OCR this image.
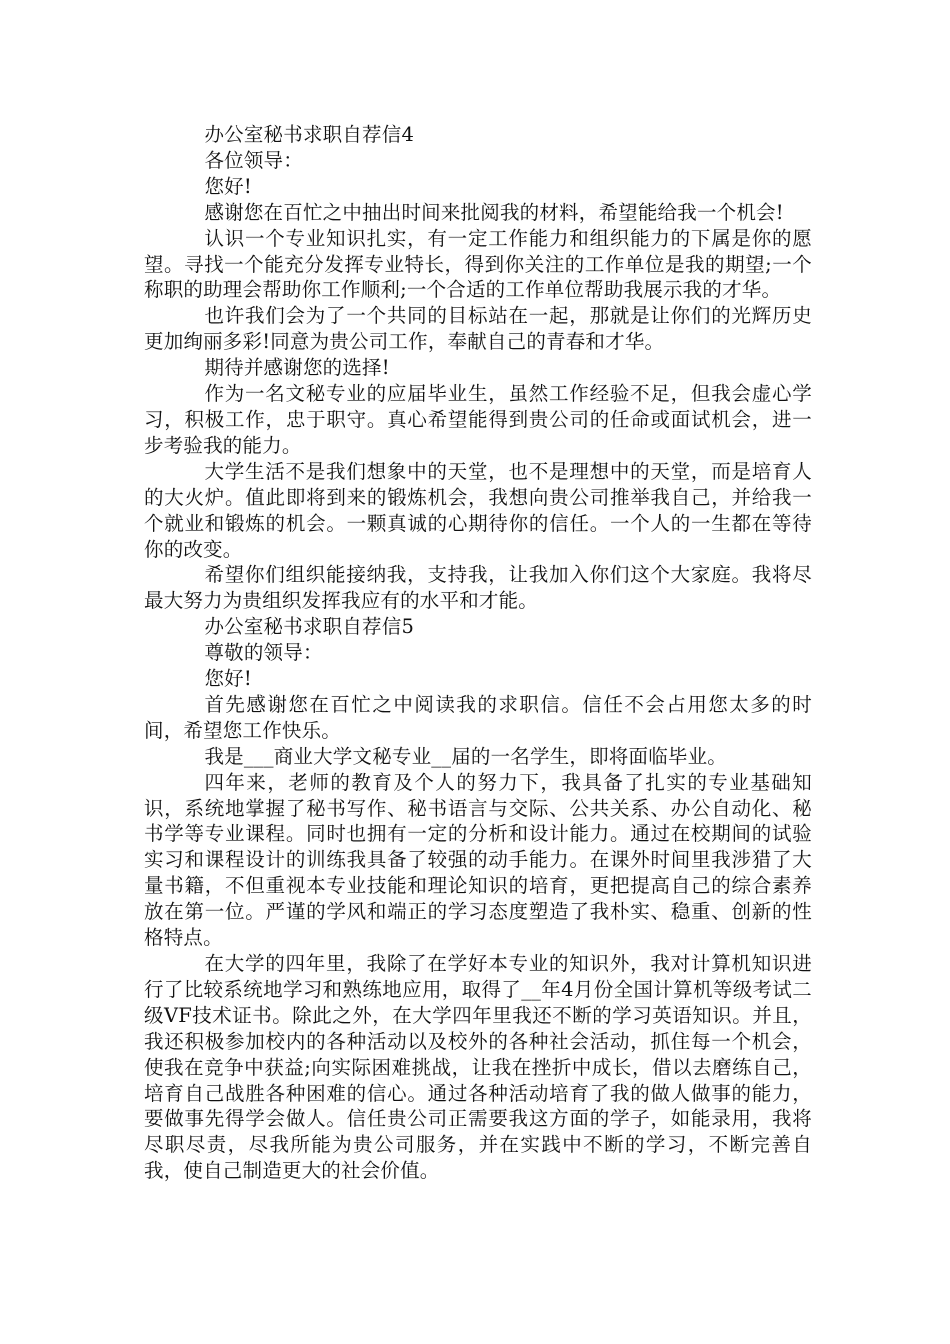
办公室秘书求职自荐信4

各位领导：

您好!

感谢您在百忙之中抽出时间来批阅我的材料，希望能给我一个机会!

认识一个专业知识扎实，有一定工作能力和组织能力的下属是你的愿望。寻找一个能充分发挥专业特长，得到你关注的工作单位是我的期望;一个称职的助理会帮助你工作顺利;一个合适的工作单位帮助我展示我的才华。

也许我们会为了一个共同的目标站在一起，那就是让你们的光辉历史更加绚丽多彩!同意为贵公司工作，奉献自己的青春和才华。

期待并感谢您的选择!

作为一名文秘专业的应届毕业生，虽然工作经验不足，但我会虚心学习，积极工作，忠于职守。真心希望能得到贵公司的任命或面试机会，进一步考验我的能力。

大学生活不是我们想象中的天堂，也不是理想中的天堂，而是培育人的大火炉。值此即将到来的锻炼机会，我想向贵公司推举我自己，并给我一个就业和锻炼的机会。一颗真诚的心期待你的信任。一个人的一生都在等待你的改变。

希望你们组织能接纳我，支持我，让我加入你们这个大家庭。我将尽最大努力为贵组织发挥我应有的水平和才能。

办公室秘书求职自荐信5

尊敬的领导：

您好!

首先感谢您在百忙之中阅读我的求职信。信任不会占用您太多的时间，希望您工作快乐。

我是___商业大学文秘专业__届的一名学生，即将面临毕业。

四年来，老师的教育及个人的努力下，我具备了扎实的专业基础知识，系统地掌握了秘书写作、秘书语言与交际、公共关系、办公自动化、秘书学等专业课程。同时也拥有一定的分析和设计能力。通过在校期间的试验实习和课程设计的训练我具备了较强的动手能力。在课外时间里我涉猎了大量书籍，不但重视本专业技能和理论知识的培育，更把提高自己的综合素养放在第一位。严谨的学风和端正的学习态度塑造了我朴实、稳重、创新的性格特点。

在大学的四年里，我除了在学好本专业的知识外，我对计算机知识进行了比较系统地学习和熟练地应用，取得了__年4月份全国计算机等级考试二级VF技术证书。除此之外，在大学四年里我还不断的学习英语知识。并且，我还积极参加校内的各种活动以及校外的各种社会活动，抓住每一个机会，使我在竞争中获益;向实际困难挑战，让我在挫折中成长，借以去磨练自己，培育自己战胜各种困难的信心。通过各种活动培育了我的做人做事的能力，要做事先得学会做人。信任贵公司正需要我这方面的学子，如能录用，我将尽职尽责，尽我所能为贵公司服务，并在实践中不断的学习，不断完善自我，使自己制造更大的社会价值。
